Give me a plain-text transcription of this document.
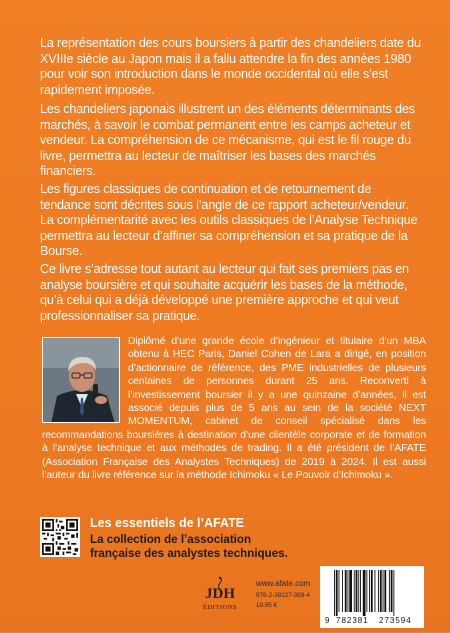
La représentation des cours boursiers à partir des chandeliers date du XVIIIe siècle au Japon mais il a fallu attendre la fin des années 1980 pour voir son introduction dans le monde occidental où elle s’est rapidement imposée.

Les chandeliers japonais illustrent un des éléments déterminants des marchés, à savoir le combat permanent entre les camps acheteur et vendeur. La compréhension de ce mécanisme, qui est le fil rouge du livre, permettra au lecteur de maîtriser les bases des marchés financiers.

Les figures classiques de continuation et de retournement de tendance sont décrites sous l’angle de ce rapport acheteur/vendeur. La complémentarité avec les outils classiques de l’Analyse Technique permettra au lecteur d’affiner sa compréhension et sa pratique de la Bourse.

Ce livre s’adresse tout autant au lecteur qui fait ses premiers pas en analyse boursière et qui souhaite acquérir les bases de la méthode, qu’à celui qui a déjà développé une première approche et qui veut professionnaliser sa pratique.

Diplômé d’une grande école d’ingénieur et titulaire d’un MBA obtenu à HEC Paris, Daniel Cohen de Lara a dirigé, en position d’actionnaire de référence, des PME industrielles de plusieurs centaines de personnes durant 25 ans. Reconverti à l’investissement boursier il y a une quinzaine d’années, il est associé depuis plus de 5 ans au sein de la société NEXT MOMENTUM, cabinet de conseil spécialisé dans les recommandations boursières à destination d’une clientèle corporate et de formation à l’analyse technique et aux méthodes de trading. Il a été président de l’AFATE (Association Française des Analystes Techniques) de 2019 à 2024. Il est aussi l’auteur du livre référence sur la méthode Ichimoku « Le Pouvoir d’Ichimoku ».

Les essentiels de l’AFATE

La collection de l’association française des analystes techniques.

JDH
ÉDITIONS
www.afate.com
978-2-38127-359-4
19.95 €
9 782381 273594
